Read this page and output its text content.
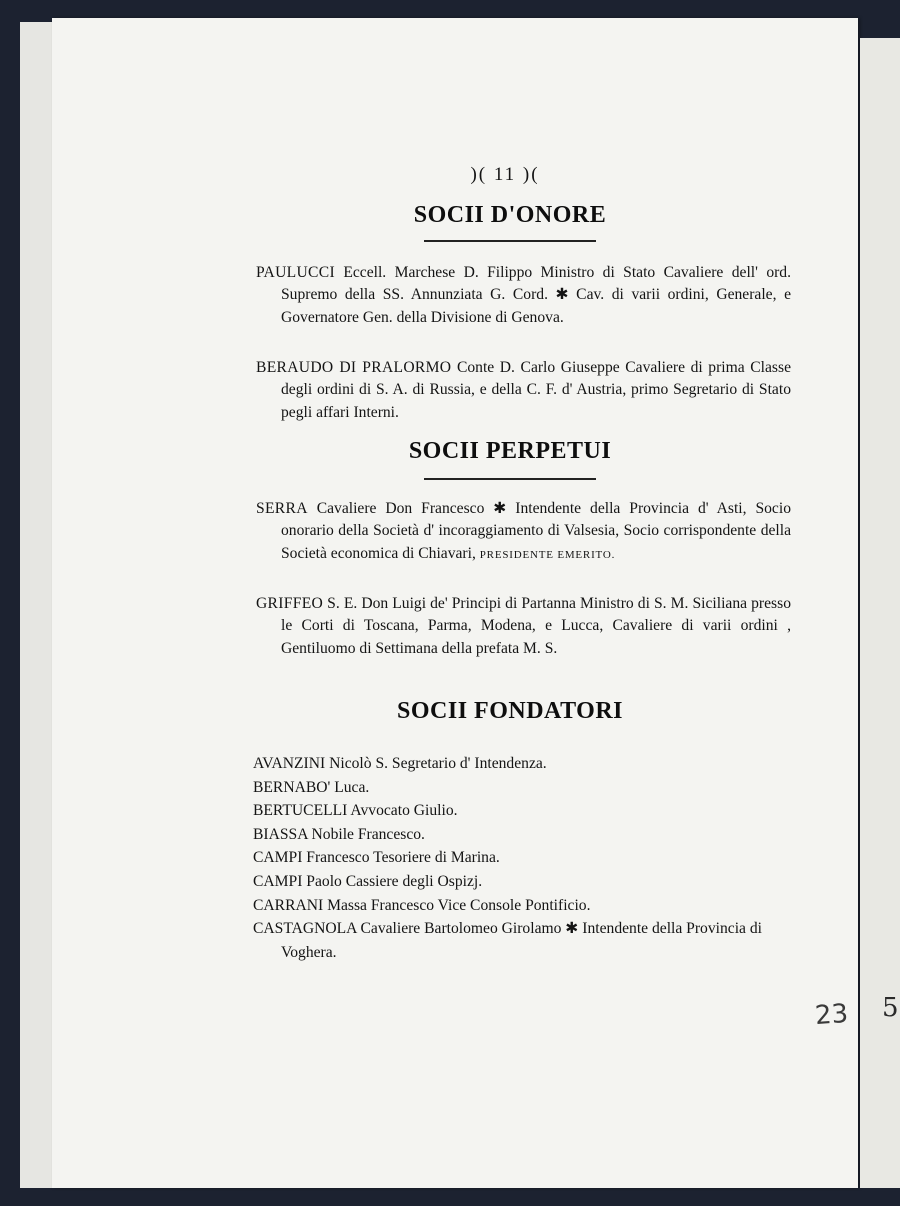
5
)( 11 )(
SOCII D'ONORE
PAULUCCI Eccell. Marchese D. Filippo Ministro di Stato Cavaliere dell' ord. Supremo della SS. Annunziata G. Cord. ✱ Cav. di varii ordini, Generale, e Governatore Gen. della Divisione di Genova.
BERAUDO DI PRALORMO Conte D. Carlo Giuseppe Cavaliere di prima Classe degli ordini di S. A. di Russia, e della C. F. d' Austria, primo Segretario di Stato pegli affari Interni.
SOCII PERPETUI
SERRA Cavaliere Don Francesco ✱ Intendente della Provincia d' Asti, Socio onorario della Società d' incoraggiamento di Valsesia, Socio corrispondente della Società economica di Chiavari, PRESIDENTE EMERITO.
GRIFFEO S. E. Don Luigi de' Principi di Partanna Ministro di S. M. Siciliana presso le Corti di Toscana, Parma, Modena, e Lucca, Cavaliere di varii ordini , Gentiluomo di Settimana della prefata M. S.
SOCII FONDATORI
AVANZINI Nicolò S. Segretario d' Intendenza.
BERNABO' Luca.
BERTUCELLI Avvocato Giulio.
BIASSA Nobile Francesco.
CAMPI Francesco Tesoriere di Marina.
CAMPI Paolo Cassiere degli Ospizj.
CARRANI Massa Francesco Vice Console Pontificio.
CASTAGNOLA Cavaliere Bartolomeo Girolamo ✱ Intendente della Provincia di Voghera.
23
